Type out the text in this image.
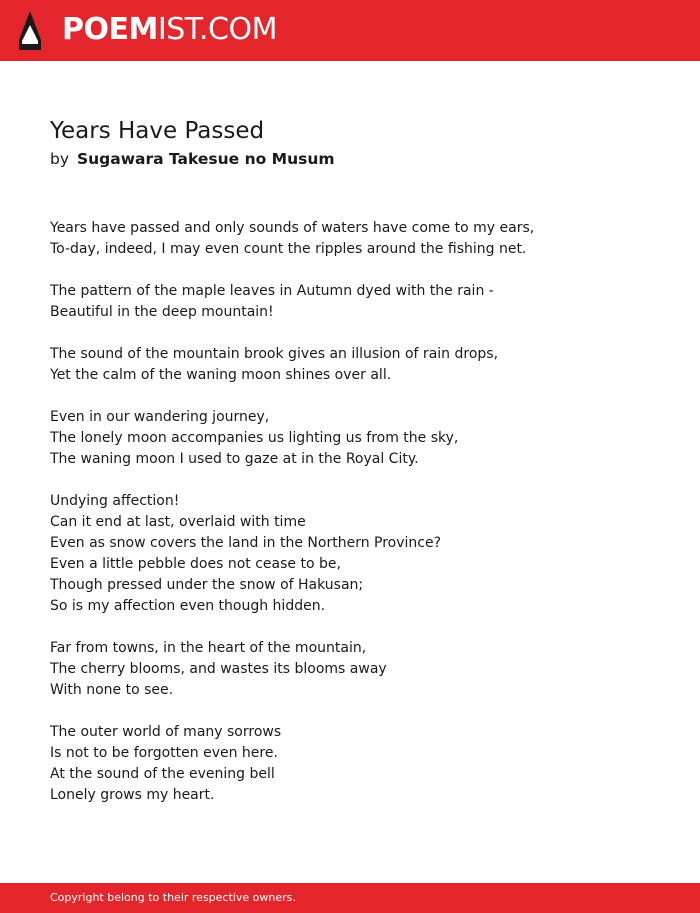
POEMIST.COM
Years Have Passed
by Sugawara Takesue no Musum
Years have passed and only sounds of waters have come to my ears,
To-day, indeed, I may even count the ripples around the fishing net.
The pattern of the maple leaves in Autumn dyed with the rain -
Beautiful in the deep mountain!
The sound of the mountain brook gives an illusion of rain drops,
Yet the calm of the waning moon shines over all.
Even in our wandering journey,
The lonely moon accompanies us lighting us from the sky,
The waning moon I used to gaze at in the Royal City.
Undying affection!
Can it end at last, overlaid with time
Even as snow covers the land in the Northern Province?
Even a little pebble does not cease to be,
Though pressed under the snow of Hakusan;
So is my affection even though hidden.
Far from towns, in the heart of the mountain,
The cherry blooms, and wastes its blooms away
With none to see.
The outer world of many sorrows
Is not to be forgotten even here.
At the sound of the evening bell
Lonely grows my heart.
Copyright belong to their respective owners.
